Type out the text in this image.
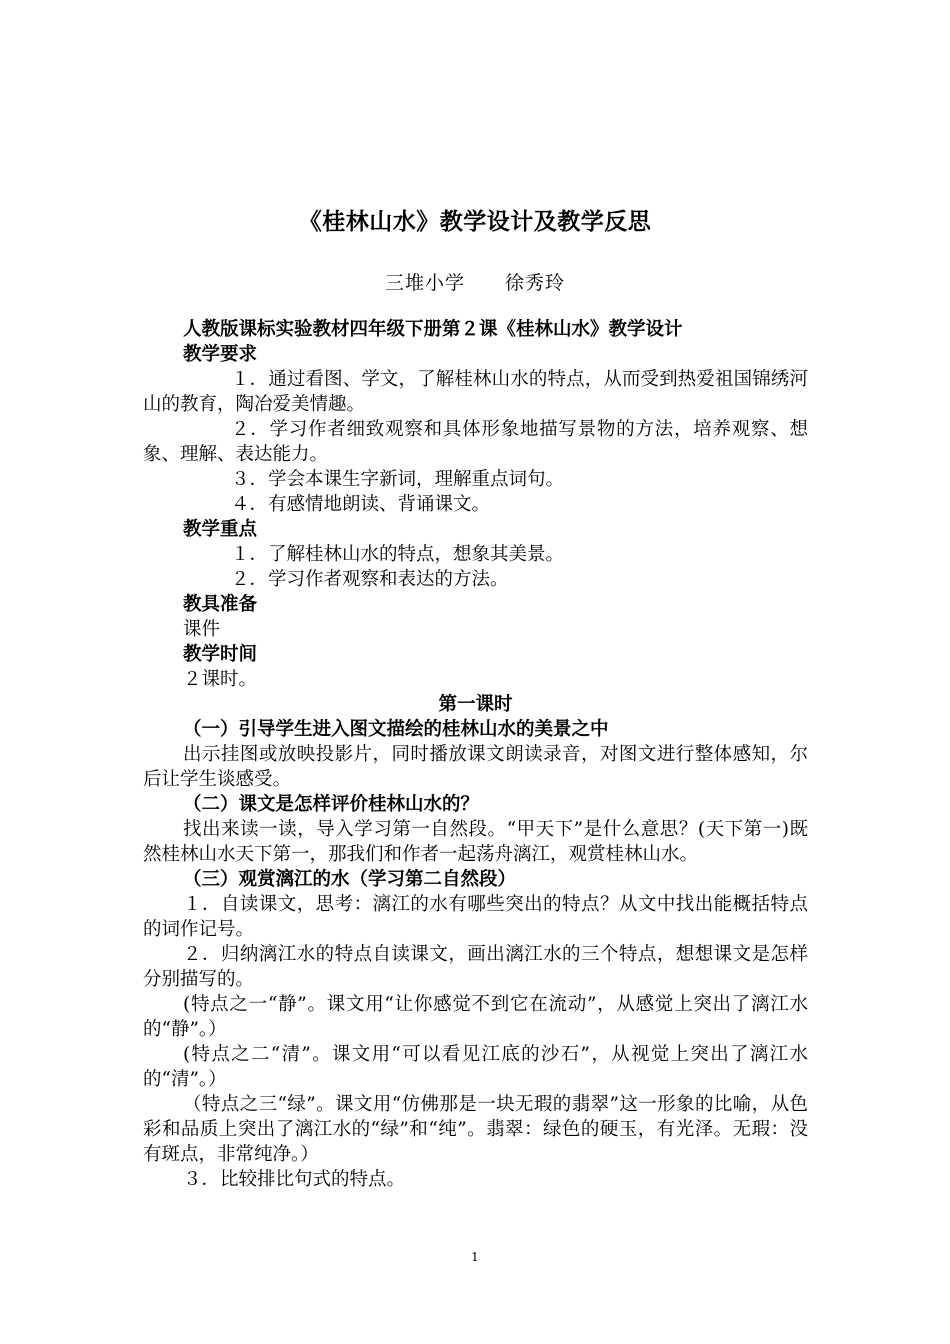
《桂林山水》教学设计及教学反思
三堆小学 徐秀玲

人教版课标实验教材四年级下册第２课《桂林山水》教学设计

教学要求

１．通过看图、学文，了解桂林山水的特点，从而受到热爱祖国锦绣河山的教育，陶冶爱美情趣。

２．学习作者细致观察和具体形象地描写景物的方法，培养观察、想象、理解、表达能力。

３．学会本课生字新词，理解重点词句。

４．有感情地朗读、背诵课文。

教学重点

１．了解桂林山水的特点，想象其美景。

２．学习作者观察和表达的方法。

教具准备

课件

教学时间

２课时。

第一课时

（一）引导学生进入图文描绘的桂林山水的美景之中

出示挂图或放映投影片，同时播放课文朗读录音，对图文进行整体感知，尔后让学生谈感受。

（二）课文是怎样评价桂林山水的？

找出来读一读，导入学习第一自然段。“甲天下”是什么意思？(天下第一)既然桂林山水天下第一，那我们和作者一起荡舟漓江，观赏桂林山水。

（三）观赏漓江的水（学习第二自然段）

１．自读课文，思考：漓江的水有哪些突出的特点？从文中找出能概括特点的词作记号。

２．归纳漓江水的特点自读课文，画出漓江水的三个特点，想想课文是怎样分别描写的。

(特点之一“静”。课文用“让你感觉不到它在流动”，从感觉上突出了漓江水的“静”。）

(特点之二“清”。课文用“可以看见江底的沙石”，从视觉上突出了漓江水的“清”。）

（特点之三“绿”。课文用“仿佛那是一块无瑕的翡翠”这一形象的比喻，从色彩和品质上突出了漓江水的“绿”和“纯”。翡翠：绿色的硬玉，有光泽。无瑕：没有斑点，非常纯净。）

３．比较排比句式的特点。

1
